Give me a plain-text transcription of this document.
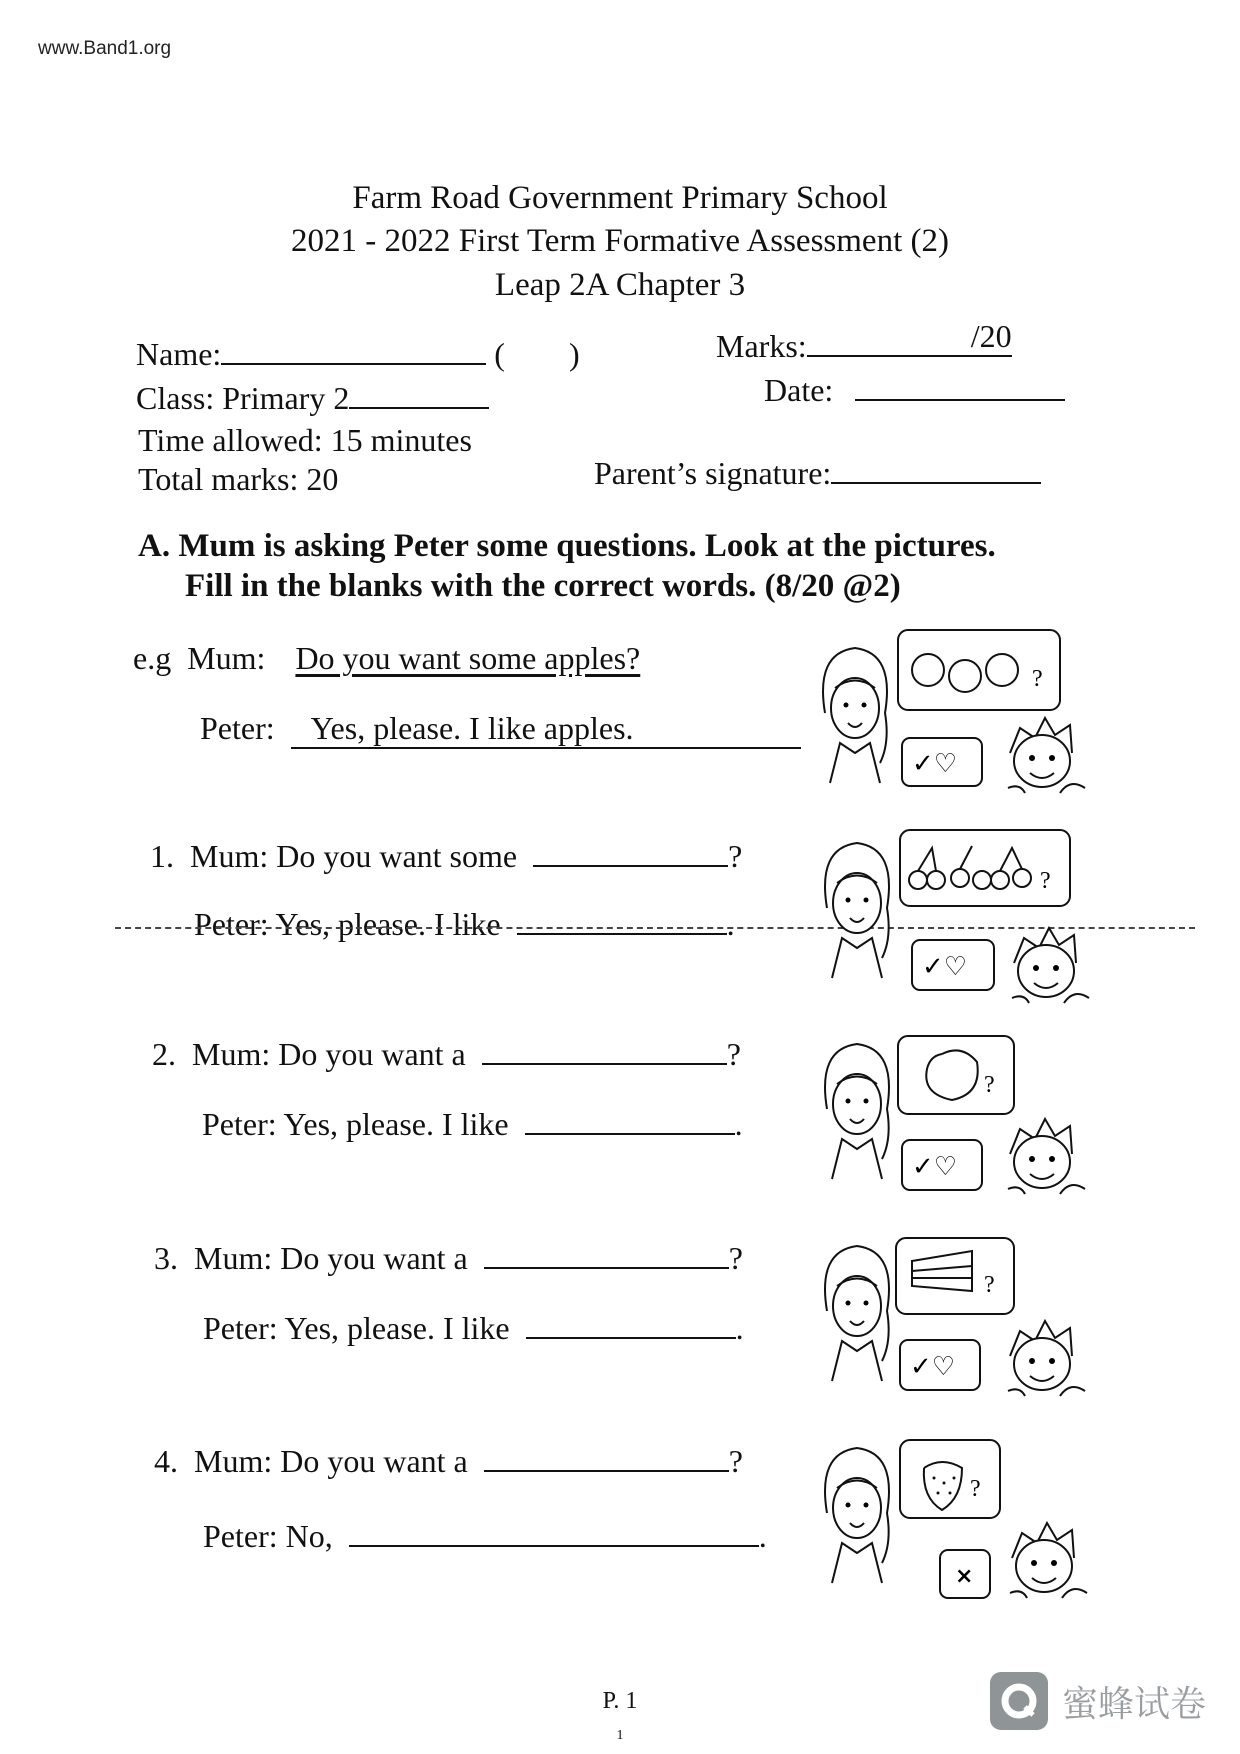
www.Band1.org
Farm Road Government Primary School
2021 - 2022 First Term Formative Assessment (2)
Leap 2A Chapter 3
Name:	(        )	Marks:	/20
Class: Primary 2	Date:
Time allowed: 15 minutes
Total marks: 20	Parent’s signature:
A. Mum is asking Peter some questions. Look at the pictures.
Fill in the blanks with the correct words. (8/20 @2)
e.g Mum: Do you want some apples?
Peter: Yes, please. I like apples.
1. Mum: Do you want some	?
Peter: Yes, please. I like	.
2. Mum: Do you want a	?
Peter: Yes, please. I like	.
3. Mum: Do you want a	?
Peter: Yes, please. I like	.
4. Mum: Do you want a	?
Peter: No,	.
?
✓♡
?
✓♡
?
✓♡
?
✓♡
?
×
P. 1
1
蜜蜂试卷
